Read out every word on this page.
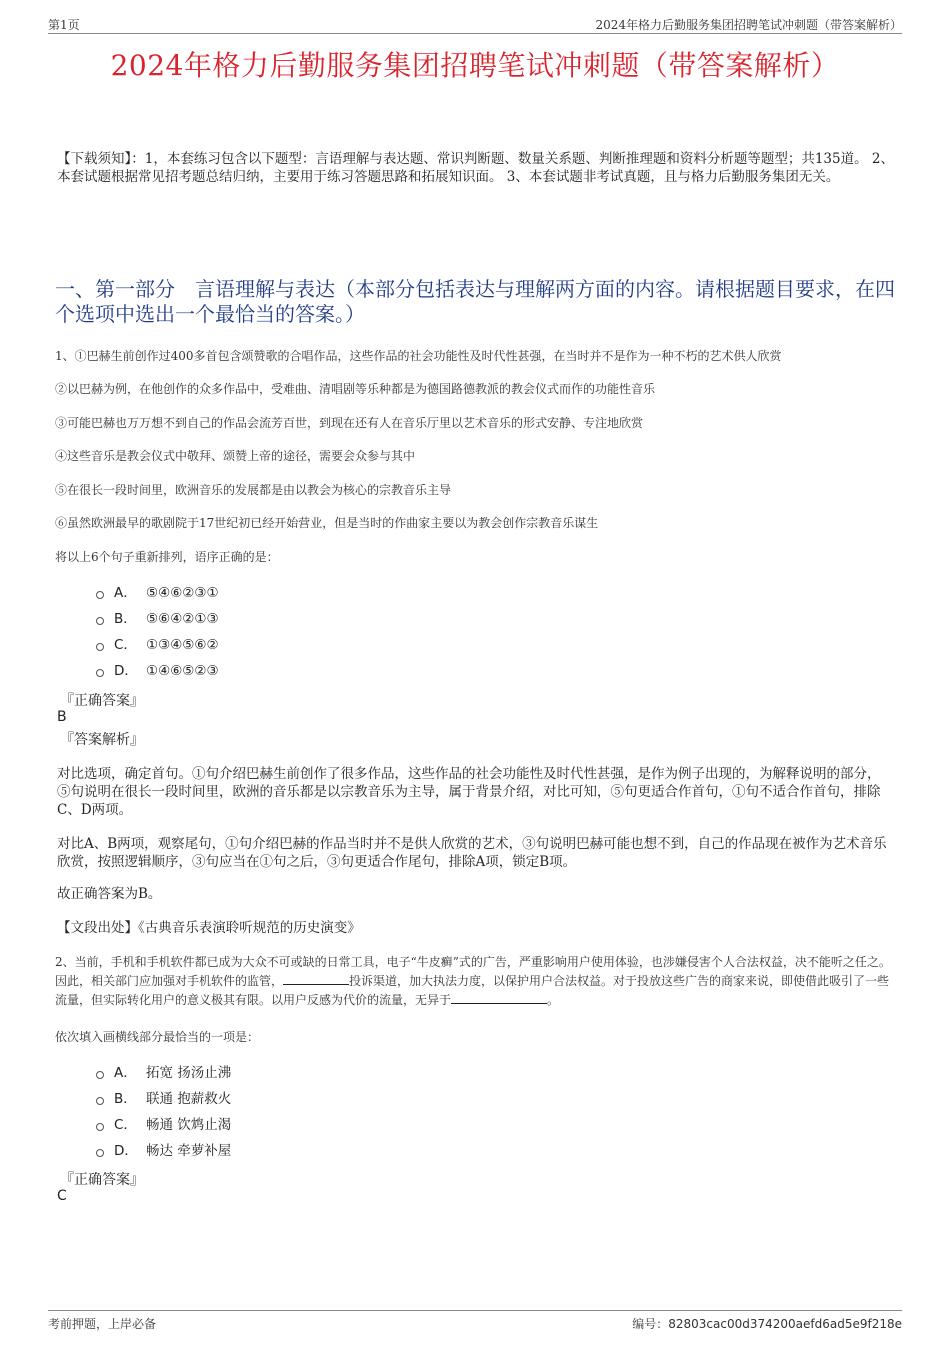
第1页	2024年格力后勤服务集团招聘笔试冲刺题（带答案解析）
2024年格力后勤服务集团招聘笔试冲刺题（带答案解析）
【下载须知】：1，本套练习包含以下题型：言语理解与表达题、常识判断题、数量关系题、判断推理题和资料分析题等题型；共135道。 2、本套试题根据常见招考题总结归纳，主要用于练习答题思路和拓展知识面。 3、本套试题非考试真题，且与格力后勤服务集团无关。
一、第一部分　言语理解与表达（本部分包括表达与理解两方面的内容。请根据题目要求，在四个选项中选出一个最恰当的答案。）
1、①巴赫生前创作过400多首包含颂赞歌的合唱作品，这些作品的社会功能性及时代性甚强，在当时并不是作为一种不朽的艺术供人欣赏
②以巴赫为例，在他创作的众多作品中，受难曲、清唱剧等乐种都是为德国路德教派的教会仪式而作的功能性音乐
③可能巴赫也万万想不到自己的作品会流芳百世，到现在还有人在音乐厅里以艺术音乐的形式安静、专注地欣赏
④这些音乐是教会仪式中敬拜、颂赞上帝的途径，需要会众参与其中
⑤在很长一段时间里，欧洲音乐的发展都是由以教会为核心的宗教音乐主导
⑥虽然欧洲最早的歌剧院于17世纪初已经开始营业，但是当时的作曲家主要以为教会创作宗教音乐谋生
将以上6个句子重新排列，语序正确的是：
A． ⑤④⑥②③①
B． ⑤⑥④②①③
C． ①③④⑤⑥②
D． ①④⑥⑤②③
『正确答案』
B
『答案解析』
对比选项，确定首句。①句介绍巴赫生前创作了很多作品，这些作品的社会功能性及时代性甚强，是作为例子出现的，为解释说明的部分，⑤句说明在很长一段时间里，欧洲的音乐都是以宗教音乐为主导，属于背景介绍，对比可知，⑤句更适合作首句，①句不适合作首句，排除C、D两项。
对比A、B两项，观察尾句，①句介绍巴赫的作品当时并不是供人欣赏的艺术，③句说明巴赫可能也想不到，自己的作品现在被作为艺术音乐欣赏，按照逻辑顺序，③句应当在①句之后，③句更适合作尾句，排除A项，锁定B项。
故正确答案为B。
【文段出处】《古典音乐表演聆听规范的历史演变》
2、当前，手机和手机软件都已成为大众不可或缺的日常工具，电子“牛皮癣”式的广告，严重影响用户使用体验，也涉嫌侵害个人合法权益，决不能听之任之。因此，相关部门应加强对手机软件的监管，	投诉渠道，加大执法力度，以保护用户合法权益。对于投放这些广告的商家来说，即使借此吸引了一些流量，但实际转化用户的意义极其有限。以用户反感为代价的流量，无异于	。
依次填入画横线部分最恰当的一项是：
A． 拓宽 扬汤止沸
B． 联通 抱薪救火
C． 畅通 饮鸩止渴
D． 畅达 牵萝补屋
『正确答案』
C
考前押题，上岸必备	编号：82803cac00d374200aefd6ad5e9f218e
